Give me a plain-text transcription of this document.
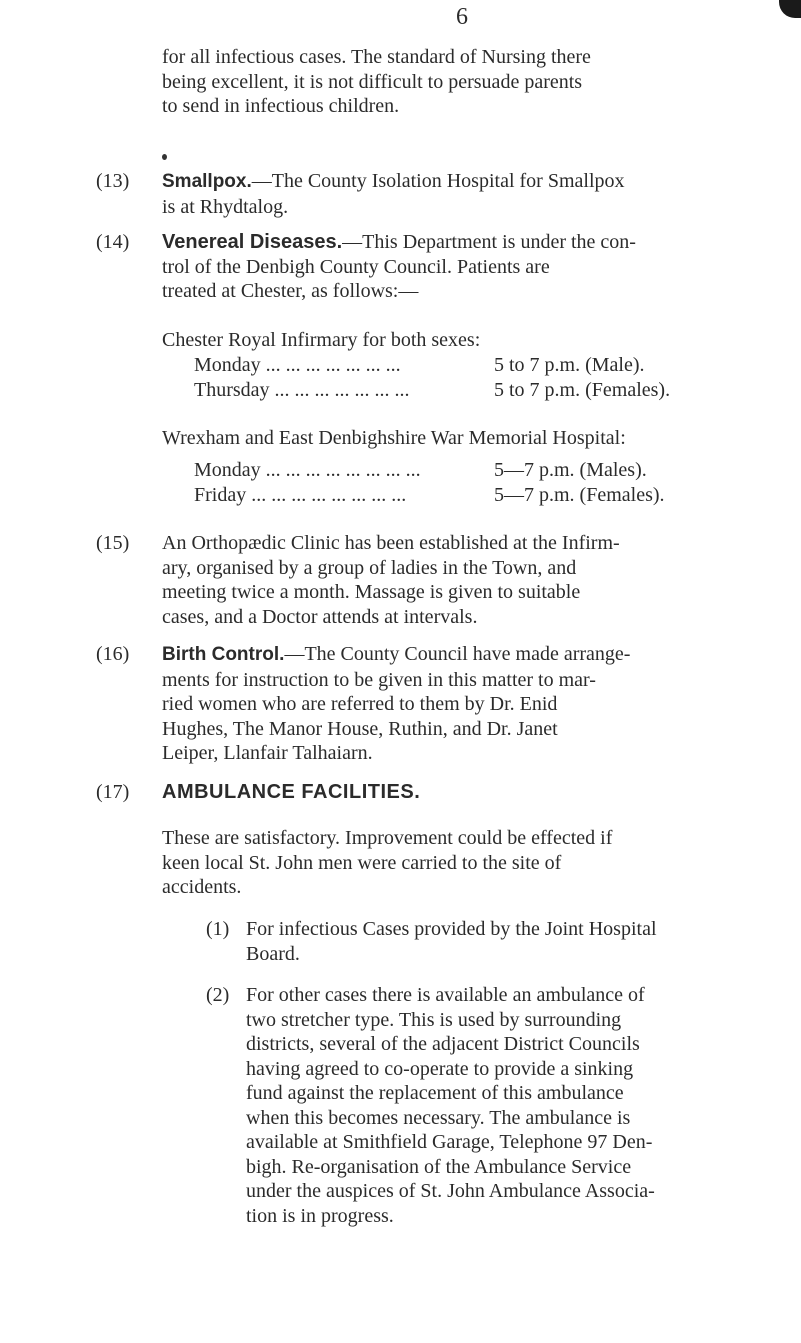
6

for all infectious cases. The standard of Nursing there
being excellent, it is not difficult to persuade parents
to send in infectious children.

(13) Smallpox.—The County Isolation Hospital for Smallpox
is at Rhydtalog.

(14) Venereal Diseases.—This Department is under the con-
trol of the Denbigh County Council. Patients are
treated at Chester, as follows:—

Chester Royal Infirmary for both sexes:
Monday ... ... ... ... ... ... ...	5 to 7 p.m. (Male).
Thursday ... ... ... ... ... ... ...	5 to 7 p.m. (Females).
Wrexham and East Denbighshire War Memorial Hospital:
Monday ... ... ... ... ... ... ... ...	5—7 p.m. (Males).
Friday ... ... ... ... ... ... ... ...	5—7 p.m. (Females).
(15) An Orthopædic Clinic has been established at the Infirm-
ary, organised by a group of ladies in the Town, and
meeting twice a month. Massage is given to suitable
cases, and a Doctor attends at intervals.

(16) Birth Control.—The County Council have made arrange-
ments for instruction to be given in this matter to mar-
ried women who are referred to them by Dr. Enid
Hughes, The Manor House, Ruthin, and Dr. Janet
Leiper, Llanfair Talhaiarn.

(17) AMBULANCE FACILITIES.

These are satisfactory. Improvement could be effected if
keen local St. John men were carried to the site of
accidents.

(1) For infectious Cases provided by the Joint Hospital
Board.

(2) For other cases there is available an ambulance of
two stretcher type. This is used by surrounding
districts, several of the adjacent District Councils
having agreed to co-operate to provide a sinking
fund against the replacement of this ambulance
when this becomes necessary. The ambulance is
available at Smithfield Garage, Telephone 97 Den-
bigh. Re-organisation of the Ambulance Service
under the auspices of St. John Ambulance Associa-
tion is in progress.
